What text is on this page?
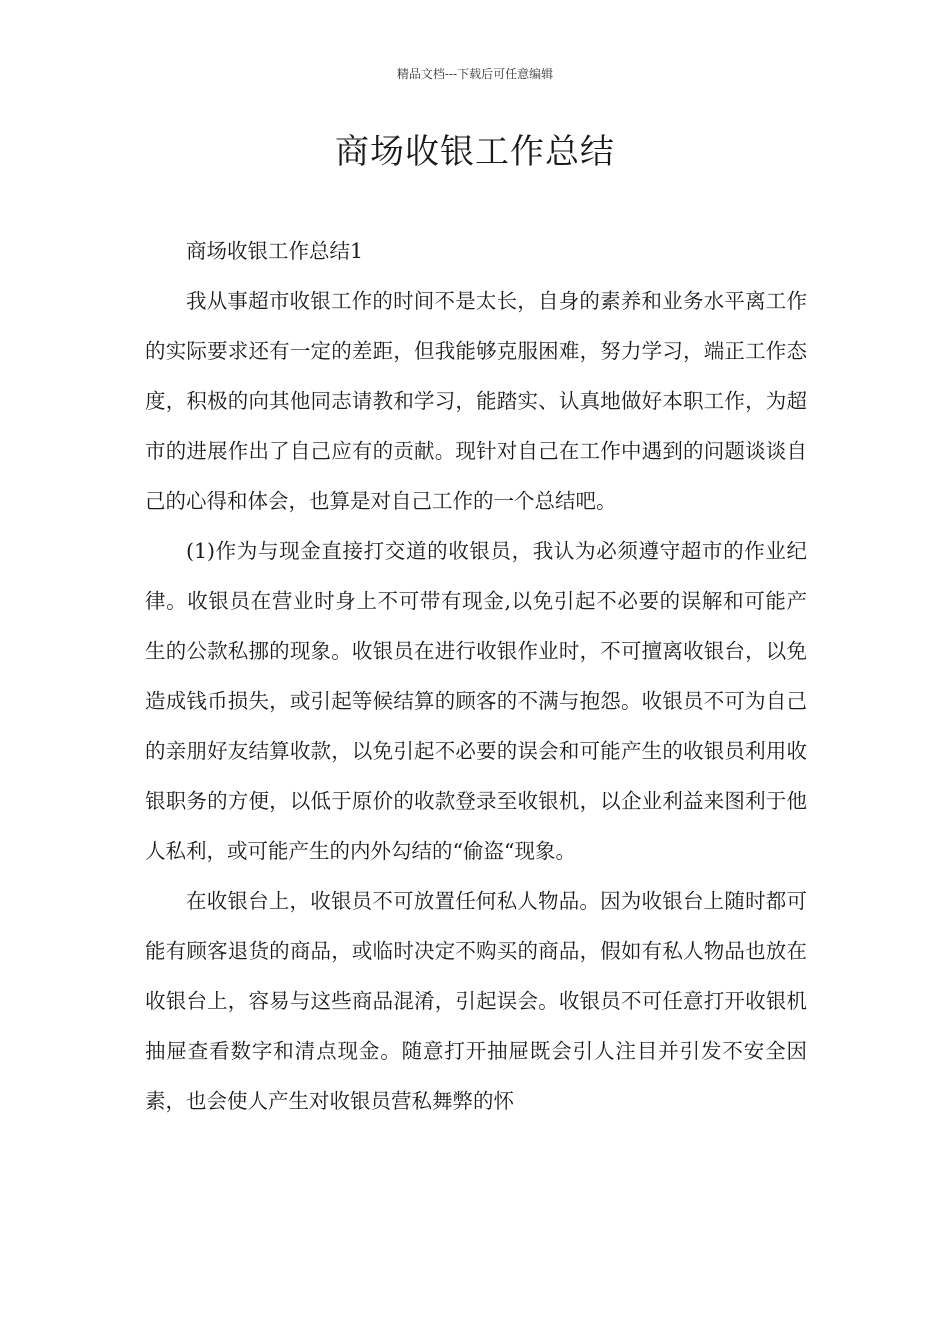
精品文档---下载后可任意编辑
商场收银工作总结

商场收银工作总结1

我从事超市收银工作的时间不是太长，自身的素养和业务水平离工作的实际要求还有一定的差距，但我能够克服困难，努力学习，端正工作态度，积极的向其他同志请教和学习，能踏实、认真地做好本职工作，为超市的进展作出了自己应有的贡献。现针对自己在工作中遇到的问题谈谈自己的心得和体会，也算是对自己工作的一个总结吧。

(1)作为与现金直接打交道的收银员，我认为必须遵守超市的作业纪律。收银员在营业时身上不可带有现金,以免引起不必要的误解和可能产生的公款私挪的现象。收银员在进行收银作业时，不可擅离收银台，以免造成钱币损失，或引起等候结算的顾客的不满与抱怨。收银员不可为自己的亲朋好友结算收款，以免引起不必要的误会和可能产生的收银员利用收银职务的方便，以低于原价的收款登录至收银机，以企业利益来图利于他人私利，或可能产生的内外勾结的“偷盗“现象。

在收银台上，收银员不可放置任何私人物品。因为收银台上随时都可能有顾客退货的商品，或临时决定不购买的商品，假如有私人物品也放在收银台上，容易与这些商品混淆，引起误会。收银员不可任意打开收银机抽屉查看数字和清点现金。随意打开抽屉既会引人注目并引发不安全因素，也会使人产生对收银员营私舞弊的怀
